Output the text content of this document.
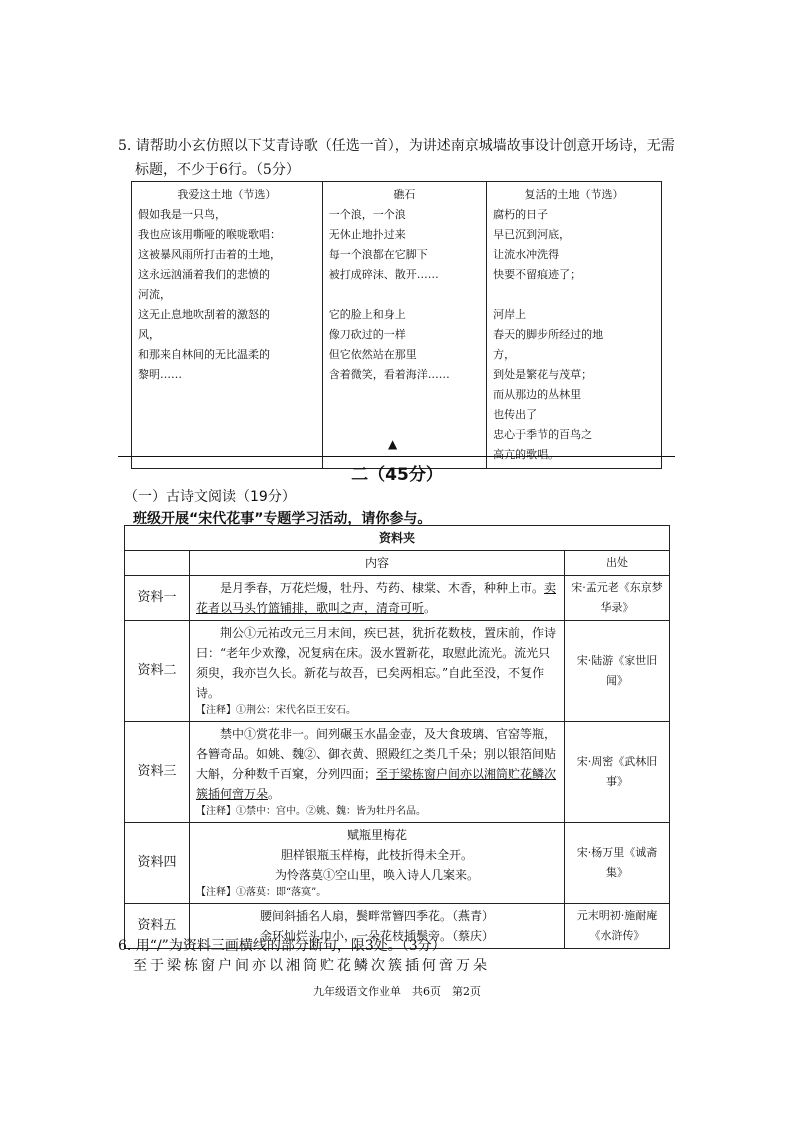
5. 请帮助小玄仿照以下艾青诗歌（任选一首），为讲述南京城墙故事设计创意开场诗，无需
标题，不少于6行。（5分）
我爱这土地（节选）
假如我是一只鸟，
我也应该用嘶哑的喉咙歌唱：
这被暴风雨所打击着的土地，
这永远汹涌着我们的悲愤的
河流，
这无止息地吹刮着的激怒的
风，
和那来自林间的无比温柔的
黎明……

礁石
一个浪，一个浪
无休止地扑过来
每一个浪都在它脚下
被打成碎沫、散开……
它的脸上和身上
像刀砍过的一样
但它依然站在那里
含着微笑，看着海洋……

复活的土地（节选）
腐朽的日子
早已沉到河底，
让流水冲洗得
快要不留痕迹了；
河岸上
春天的脚步所经过的地
方，
到处是繁花与茂草；
而从那边的丛林里
也传出了
忠心于季节的百鸟之
高亢的歌唱。
▲
二（45分）
（一）古诗文阅读（19分）
班级开展“宋代花事”专题学习活动，请你参与。
资料夹		
	内容	出处
资料一	是月季春，万花烂熳，牡丹、芍药、棣棠、木香，种种上市。卖花者以马头竹篮铺排，歌叫之声，清奇可听。	宋·孟元老《东京梦华录》
资料二	荆公①元祐改元三月末间，疾已甚，犹折花数枝，置床前，作诗曰：“老年少欢豫，况复病在床。汲水置新花，取慰此流光。流光只须臾，我亦岂久长。新花与故吾，已矣两相忘。”自此至没，不复作诗。
【注释】①荆公：宋代名臣王安石。	宋·陆游《家世旧闻》
资料三	禁中①赏花非一。间列碾玉水晶金壶，及大食玻璃、官窑等瓶，各簪奇品。如姚、魏②、御衣黄、照殿红之类几千朵；别以银箔间贴大斛，分种数千百窠，分列四面；至于梁栋窗户间亦以湘筒贮花鳞次簇插何啻万朵。
【注释】①禁中：宫中。②姚、魏：皆为牡丹名品。	宋·周密《武林旧事》
资料四	赋瓶里梅花
胆样银瓶玉样梅，此枝折得未全开。
为怜落莫①空山里，唤入诗人几案来。
【注释】①落莫：即“落寞”。	宋·杨万里《诚斋集》
资料五	腰间斜插名人扇，鬓畔常簪四季花。（燕青）
金环灿烂头巾小，一朵花枝插鬓旁。（蔡庆）	元末明初·施耐庵《水浒传》
6. 用“/”为资料三画横线的部分断句，限3处。（3分）
至于梁栋窗户间亦以湘筒贮花鳞次簇插何啻万朵
九年级语文作业单　共6页　第2页
